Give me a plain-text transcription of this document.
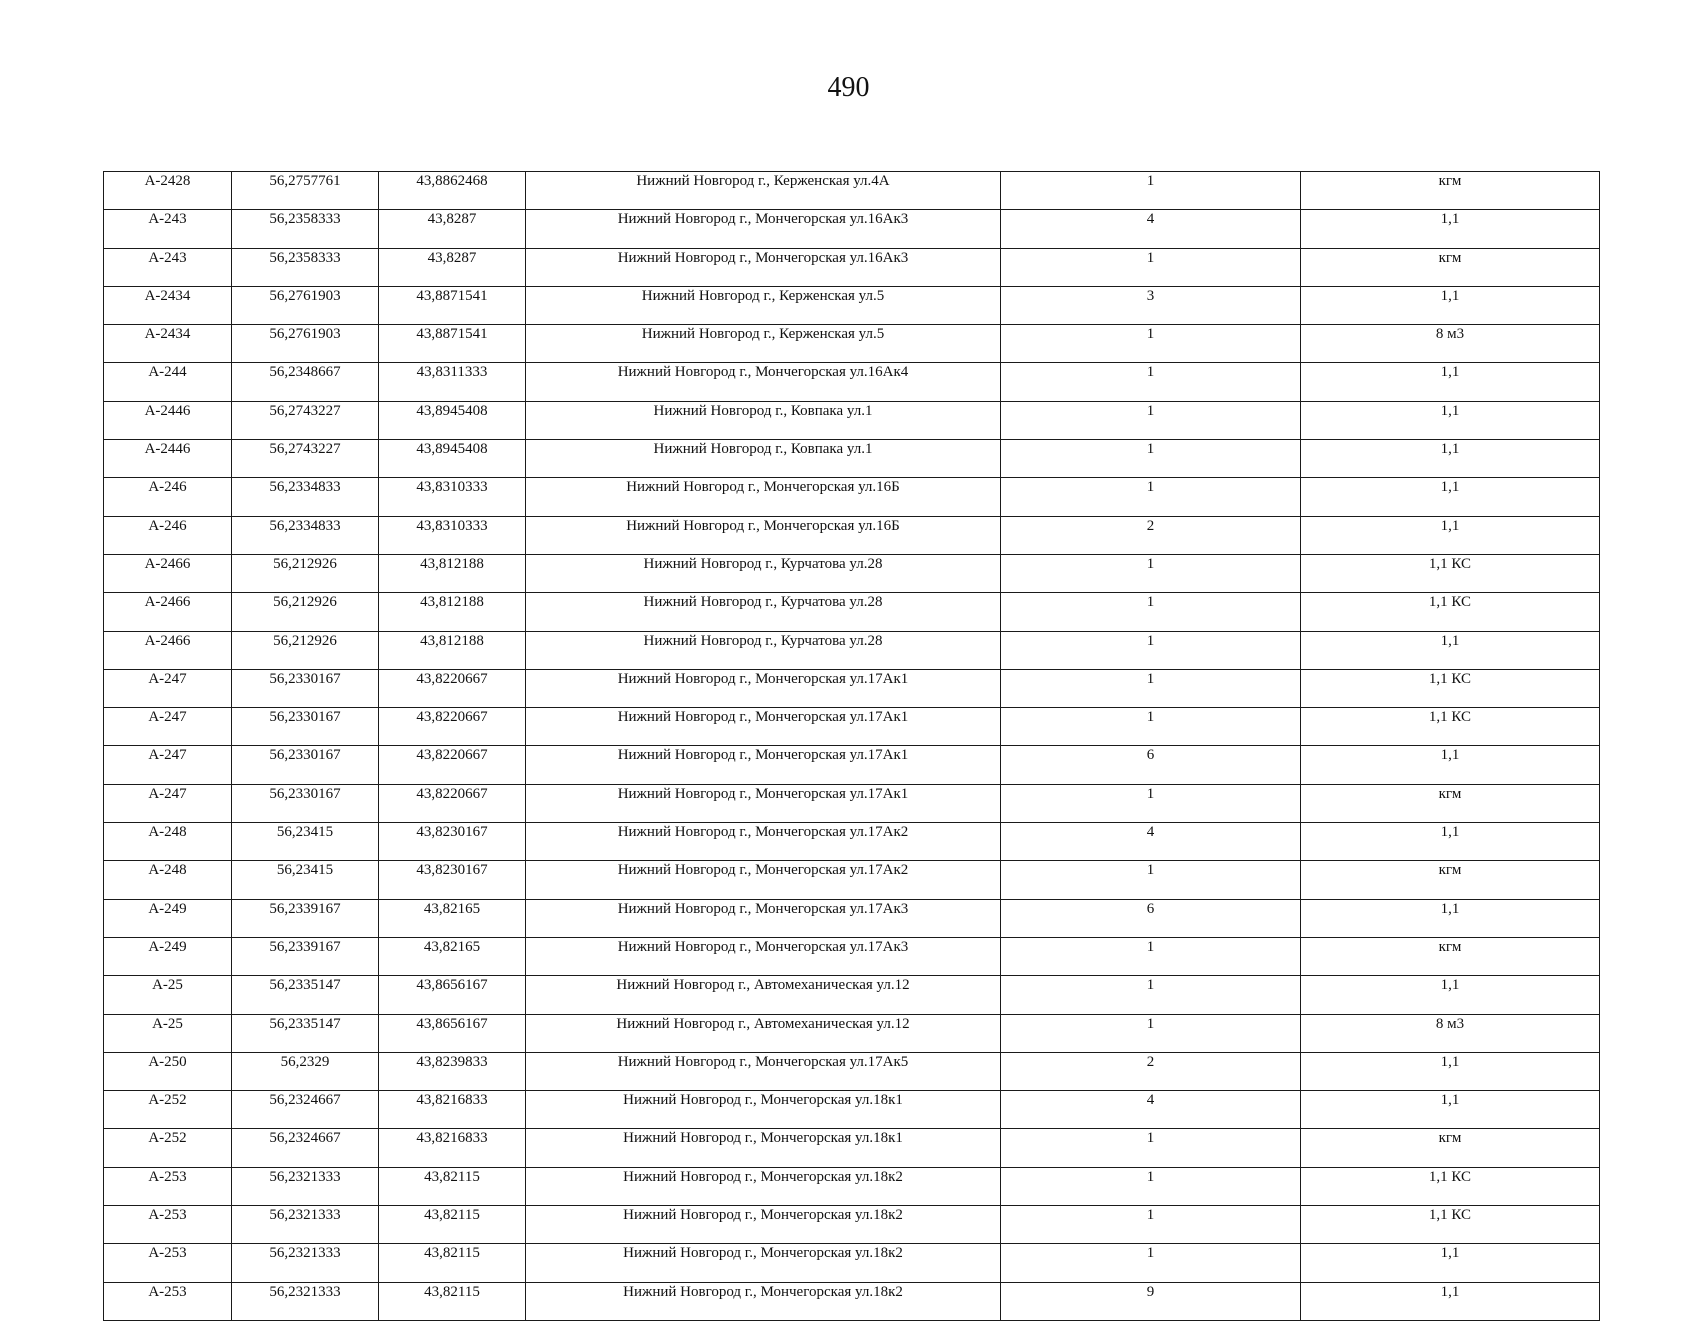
490
А-2428	56,2757761	43,8862468	Нижний Новгород г., Керженская ул.4А	1	кгм
А-243	56,2358333	43,8287	Нижний Новгород г., Мончегорская ул.16Ак3	4	1,1
А-243	56,2358333	43,8287	Нижний Новгород г., Мончегорская ул.16Ак3	1	кгм
А-2434	56,2761903	43,8871541	Нижний Новгород г., Керженская ул.5	3	1,1
А-2434	56,2761903	43,8871541	Нижний Новгород г., Керженская ул.5	1	8 м3
А-244	56,2348667	43,8311333	Нижний Новгород г., Мончегорская ул.16Ак4	1	1,1
А-2446	56,2743227	43,8945408	Нижний Новгород г., Ковпака ул.1	1	1,1
А-2446	56,2743227	43,8945408	Нижний Новгород г., Ковпака ул.1	1	1,1
А-246	56,2334833	43,8310333	Нижний Новгород г., Мончегорская ул.16Б	1	1,1
А-246	56,2334833	43,8310333	Нижний Новгород г., Мончегорская ул.16Б	2	1,1
А-2466	56,212926	43,812188	Нижний Новгород г., Курчатова ул.28	1	1,1 КС
А-2466	56,212926	43,812188	Нижний Новгород г., Курчатова ул.28	1	1,1 КС
А-2466	56,212926	43,812188	Нижний Новгород г., Курчатова ул.28	1	1,1
А-247	56,2330167	43,8220667	Нижний Новгород г., Мончегорская ул.17Ак1	1	1,1 КС
А-247	56,2330167	43,8220667	Нижний Новгород г., Мончегорская ул.17Ак1	1	1,1 КС
А-247	56,2330167	43,8220667	Нижний Новгород г., Мончегорская ул.17Ак1	6	1,1
А-247	56,2330167	43,8220667	Нижний Новгород г., Мончегорская ул.17Ак1	1	кгм
А-248	56,23415	43,8230167	Нижний Новгород г., Мончегорская ул.17Ак2	4	1,1
А-248	56,23415	43,8230167	Нижний Новгород г., Мончегорская ул.17Ак2	1	кгм
А-249	56,2339167	43,82165	Нижний Новгород г., Мончегорская ул.17Ак3	6	1,1
А-249	56,2339167	43,82165	Нижний Новгород г., Мончегорская ул.17Ак3	1	кгм
А-25	56,2335147	43,8656167	Нижний Новгород г., Автомеханическая ул.12	1	1,1
А-25	56,2335147	43,8656167	Нижний Новгород г., Автомеханическая ул.12	1	8 м3
А-250	56,2329	43,8239833	Нижний Новгород г., Мончегорская ул.17Ак5	2	1,1
А-252	56,2324667	43,8216833	Нижний Новгород г., Мончегорская ул.18к1	4	1,1
А-252	56,2324667	43,8216833	Нижний Новгород г., Мончегорская ул.18к1	1	кгм
А-253	56,2321333	43,82115	Нижний Новгород г., Мончегорская ул.18к2	1	1,1 КС
А-253	56,2321333	43,82115	Нижний Новгород г., Мончегорская ул.18к2	1	1,1 КС
А-253	56,2321333	43,82115	Нижний Новгород г., Мончегорская ул.18к2	1	1,1
А-253	56,2321333	43,82115	Нижний Новгород г., Мончегорская ул.18к2	9	1,1
